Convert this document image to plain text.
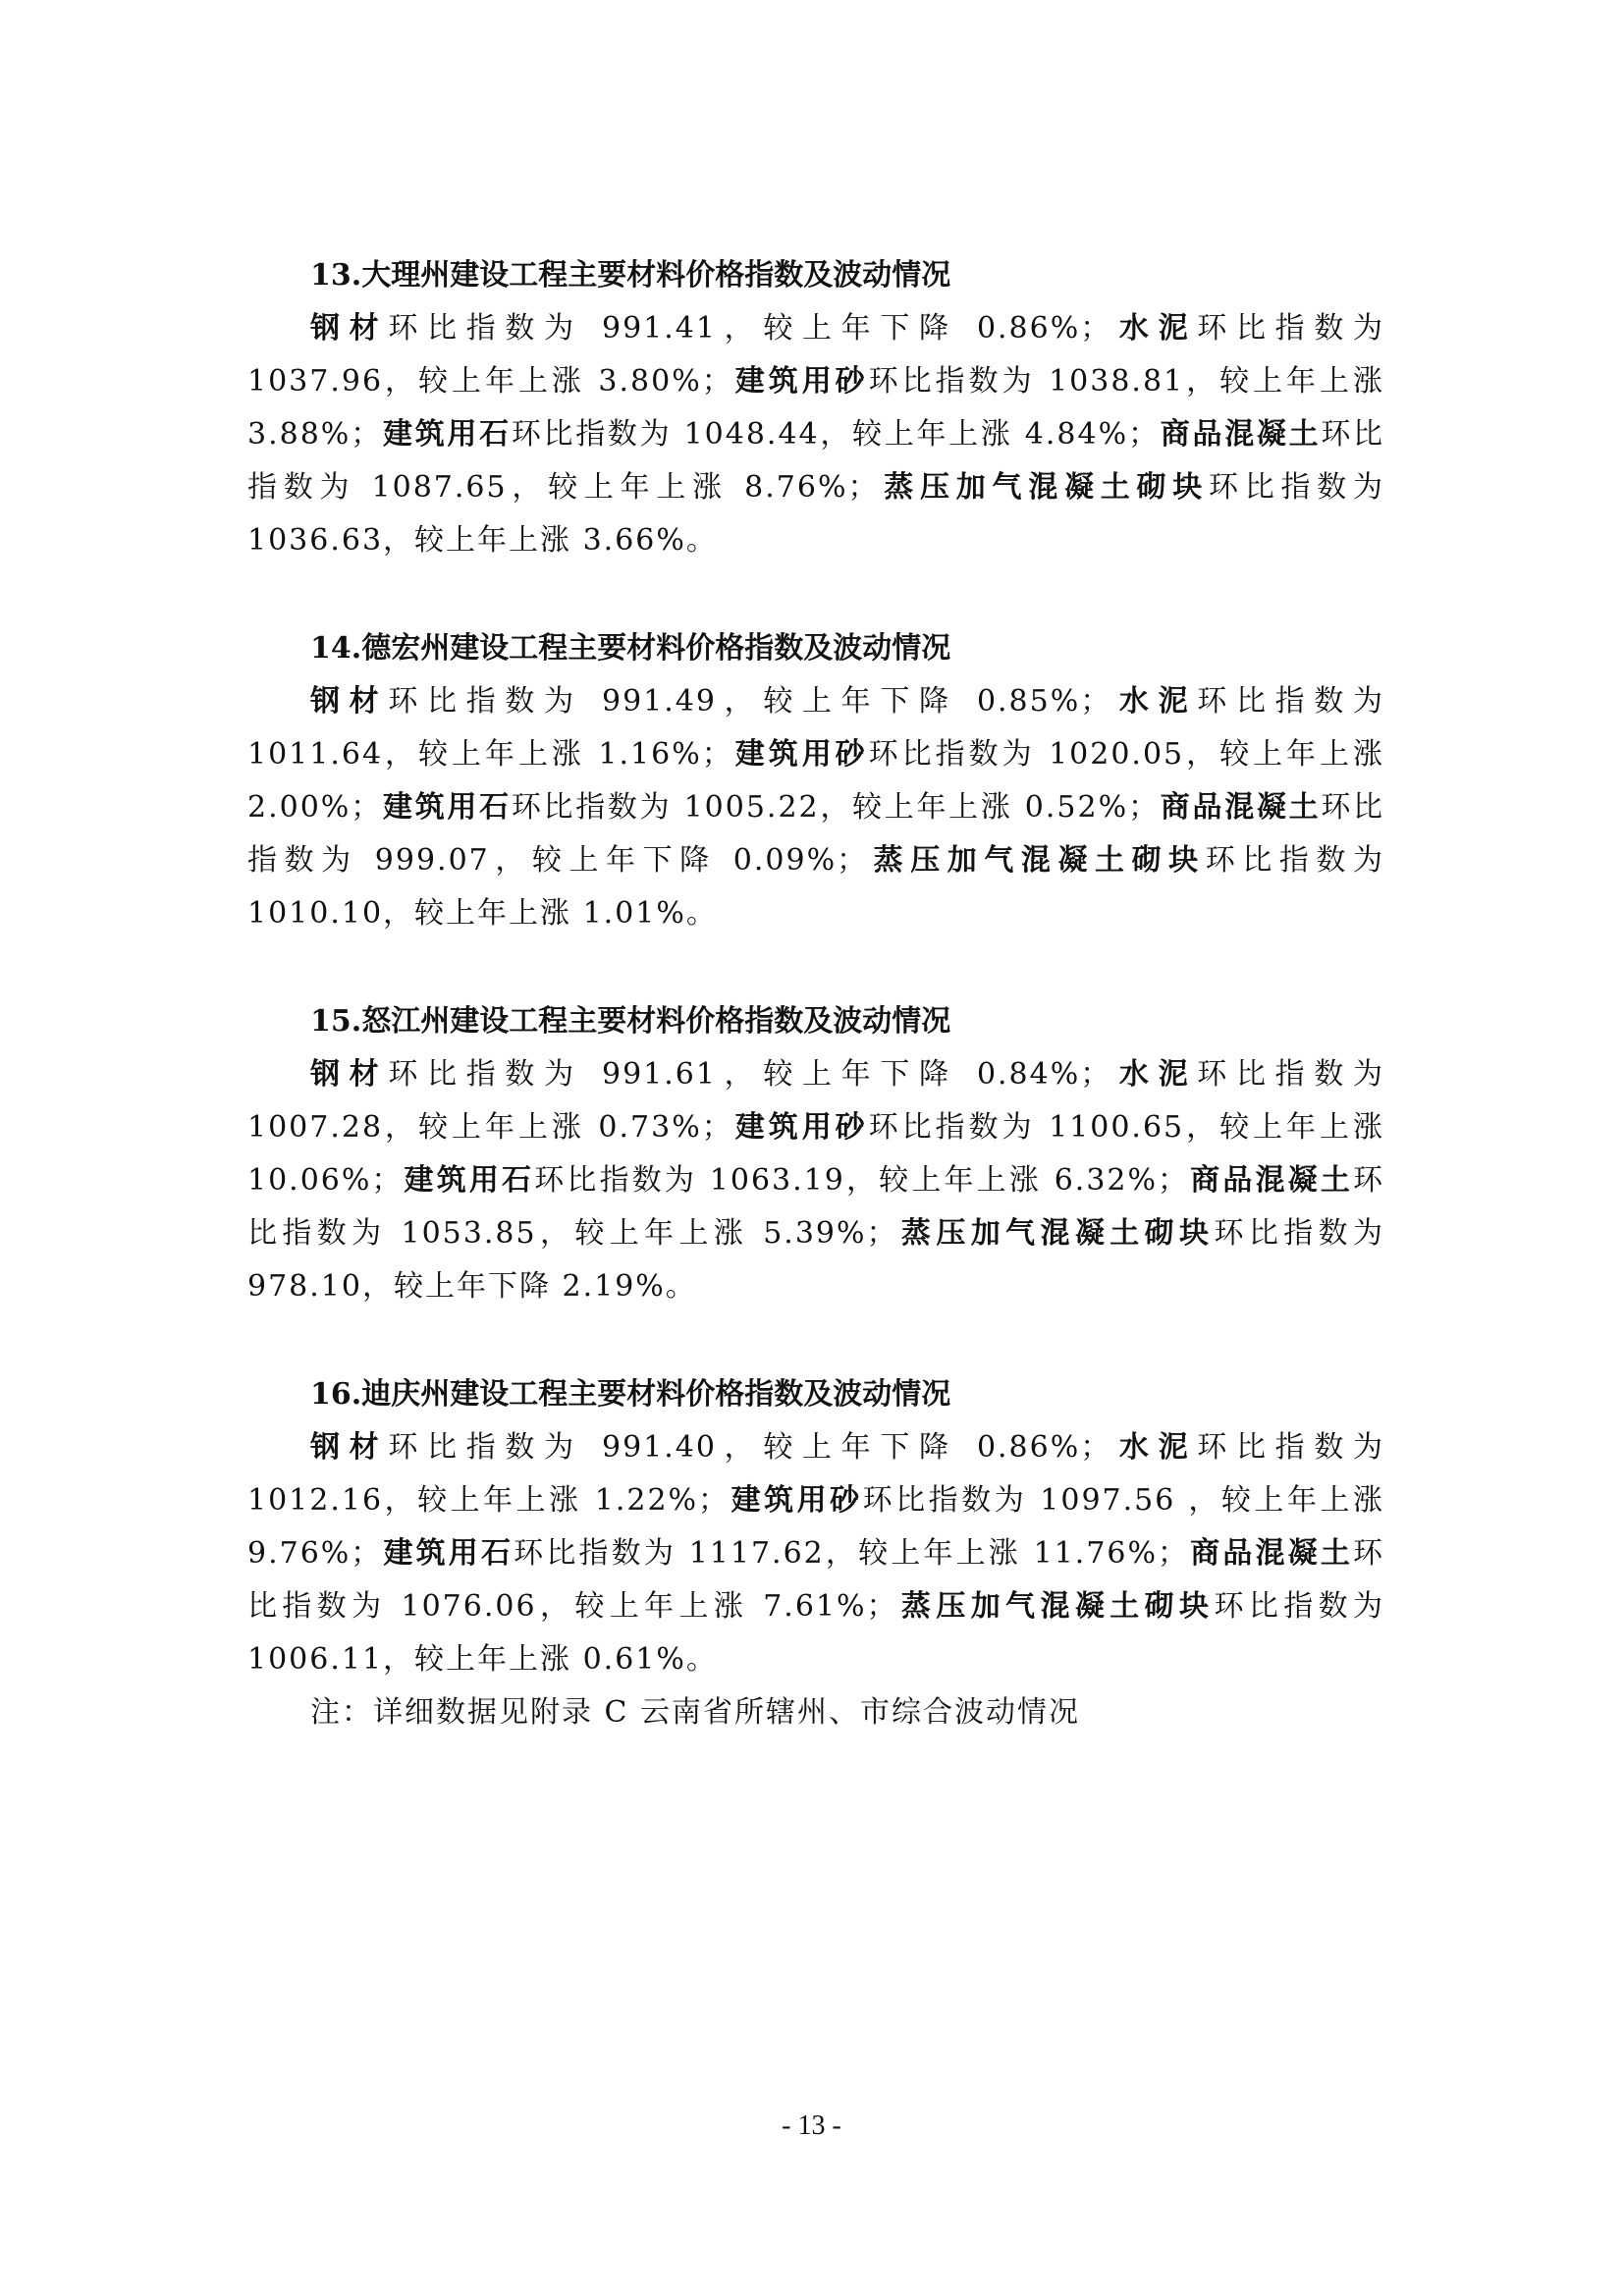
13.大理州建设工程主要材料价格指数及波动情况

钢材环比指数为 991.41，较上年下降 0.86%；水泥环比指数为 1037.96，较上年上涨 3.80%；建筑用砂环比指数为 1038.81，较上年上涨 3.88%；建筑用石环比指数为 1048.44，较上年上涨 4.84%；商品混凝土环比指数为 1087.65，较上年上涨 8.76%；蒸压加气混凝土砌块环比指数为 1036.63，较上年上涨 3.66%。

14.德宏州建设工程主要材料价格指数及波动情况

钢材环比指数为 991.49，较上年下降 0.85%；水泥环比指数为 1011.64，较上年上涨 1.16%；建筑用砂环比指数为 1020.05，较上年上涨 2.00%；建筑用石环比指数为 1005.22，较上年上涨 0.52%；商品混凝土环比指数为 999.07，较上年下降 0.09%；蒸压加气混凝土砌块环比指数为 1010.10，较上年上涨 1.01%。

15.怒江州建设工程主要材料价格指数及波动情况

钢材环比指数为 991.61，较上年下降 0.84%；水泥环比指数为 1007.28，较上年上涨 0.73%；建筑用砂环比指数为 1100.65，较上年上涨 10.06%；建筑用石环比指数为 1063.19，较上年上涨 6.32%；商品混凝土环比指数为 1053.85，较上年上涨 5.39%；蒸压加气混凝土砌块环比指数为 978.10，较上年下降 2.19%。

16.迪庆州建设工程主要材料价格指数及波动情况

钢材环比指数为 991.40，较上年下降 0.86%；水泥环比指数为 1012.16，较上年上涨 1.22%；建筑用砂环比指数为 1097.56 ，较上年上涨 9.76%；建筑用石环比指数为 1117.62，较上年上涨 11.76%；商品混凝土环比指数为 1076.06，较上年上涨 7.61%；蒸压加气混凝土砌块环比指数为 1006.11，较上年上涨 0.61%。

注：详细数据见附录 C 云南省所辖州、市综合波动情况

- 13 -
